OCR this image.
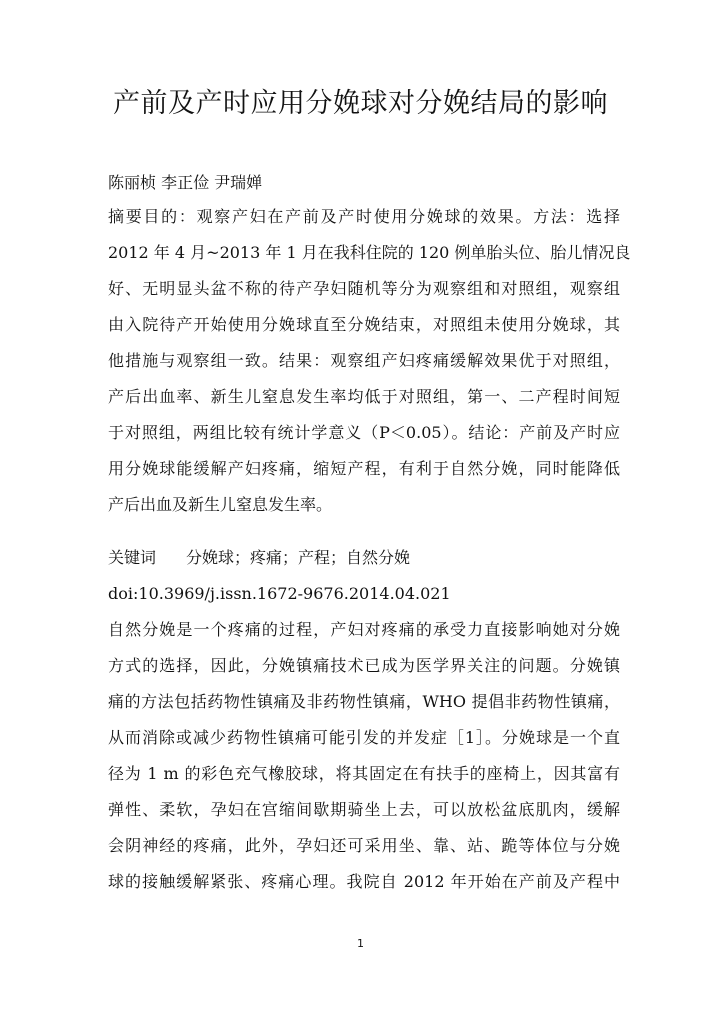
产前及产时应用分娩球对分娩结局的影响
陈丽桢 李正俭 尹瑞婵
摘要目的：观察产妇在产前及产时使用分娩球的效果。方法：选择
2012 年 4 月~2013 年 1 月在我科住院的 120 例单胎头位、胎儿情况良
好、无明显头盆不称的待产孕妇随机等分为观察组和对照组，观察组
由入院待产开始使用分娩球直至分娩结束，对照组未使用分娩球，其
他措施与观察组一致。结果：观察组产妇疼痛缓解效果优于对照组，
产后出血率、新生儿窒息发生率均低于对照组，第一、二产程时间短
于对照组，两组比较有统计学意义（P＜0.05）。结论：产前及产时应
用分娩球能缓解产妇疼痛，缩短产程，有利于自然分娩，同时能降低
产后出血及新生儿窒息发生率。
关键词 分娩球；疼痛；产程；自然分娩
doi:10.3969/j.issn.1672-9676.2014.04.021
自然分娩是一个疼痛的过程，产妇对疼痛的承受力直接影响她对分娩
方式的选择，因此，分娩镇痛技术已成为医学界关注的问题。分娩镇
痛的方法包括药物性镇痛及非药物性镇痛，WHO 提倡非药物性镇痛，
从而消除或减少药物性镇痛可能引发的并发症［1］。分娩球是一个直
径为 1 m 的彩色充气橡胶球，将其固定在有扶手的座椅上，因其富有
弹性、柔软，孕妇在宫缩间歇期骑坐上去，可以放松盆底肌肉，缓解
会阴神经的疼痛，此外，孕妇还可采用坐、靠、站、跪等体位与分娩
球的接触缓解紧张、疼痛心理。我院自 2012 年开始在产前及产程中
1
